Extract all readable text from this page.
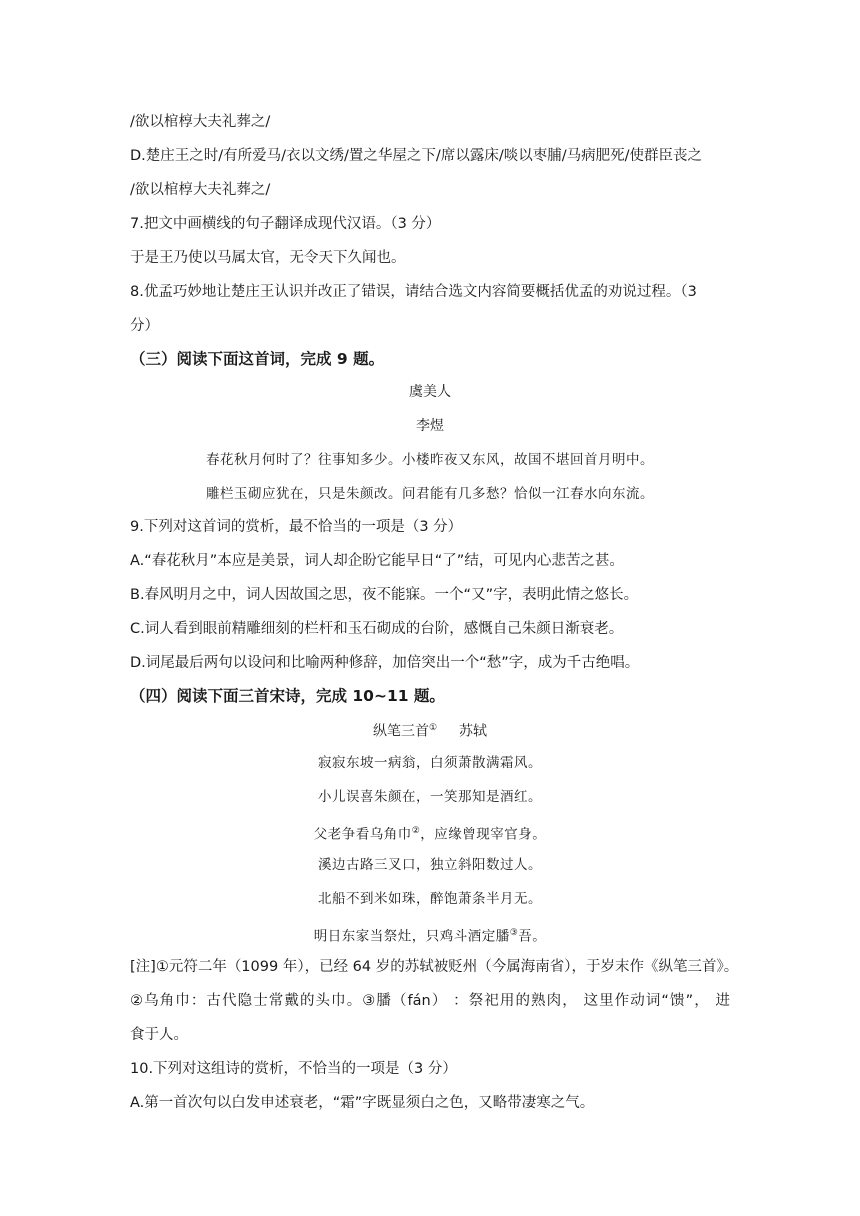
/欲以棺椁大夫礼葬之/
D.楚庄王之时/有所爱马/衣以文绣/置之华屋之下/席以露床/啖以枣脯/马病肥死/使群臣丧之
/欲以棺椁大夫礼葬之/
7.把文中画横线的句子翻译成现代汉语。（3 分）
于是王乃使以马属太官，无令天下久闻也。
8.优孟巧妙地让楚庄王认识并改正了错误，请结合选文内容简要概括优孟的劝说过程。（3
分）
（三）阅读下面这首词，完成 9 题。
虞美人
李煜
春花秋月何时了？往事知多少。小楼昨夜又东风，故国不堪回首月明中。
雕栏玉砌应犹在，只是朱颜改。问君能有几多愁？恰似一江春水向东流。
9.下列对这首词的赏析，最不恰当的一项是（3 分）
A.“春花秋月”本应是美景，词人却企盼它能早日“了”结，可见内心悲苦之甚。
B.春风明月之中，词人因故国之思，夜不能寐。一个“又”字，表明此情之悠长。
C.词人看到眼前精雕细刻的栏杆和玉石砌成的台阶，感慨自己朱颜日渐衰老。
D.词尾最后两句以设问和比喻两种修辞，加倍突出一个“愁”字，成为千古绝唱。
（四）阅读下面三首宋诗，完成 10~11 题。
纵笔三首① 苏轼
寂寂东坡一病翁，白须萧散满霜风。
小儿误喜朱颜在，一笑那知是酒红。
父老争看乌角巾②，应缘曾现宰官身。
溪边古路三叉口，独立斜阳数过人。
北船不到米如珠，醉饱萧条半月无。
明日东家当祭灶，只鸡斗酒定膰③吾。
[注]①元符二年（1099 年），已经 64 岁的苏轼被贬州（今属海南省），于岁末作《纵笔三首》。
②乌角巾：古代隐士常戴的头巾。③膰（fán） ：祭祀用的熟肉， 这里作动词“馈”， 进
食于人。
10.下列对这组诗的赏析，不恰当的一项是（3 分）
A.第一首次句以白发申述衰老，“霜”字既显须白之色，又略带凄寒之气。
